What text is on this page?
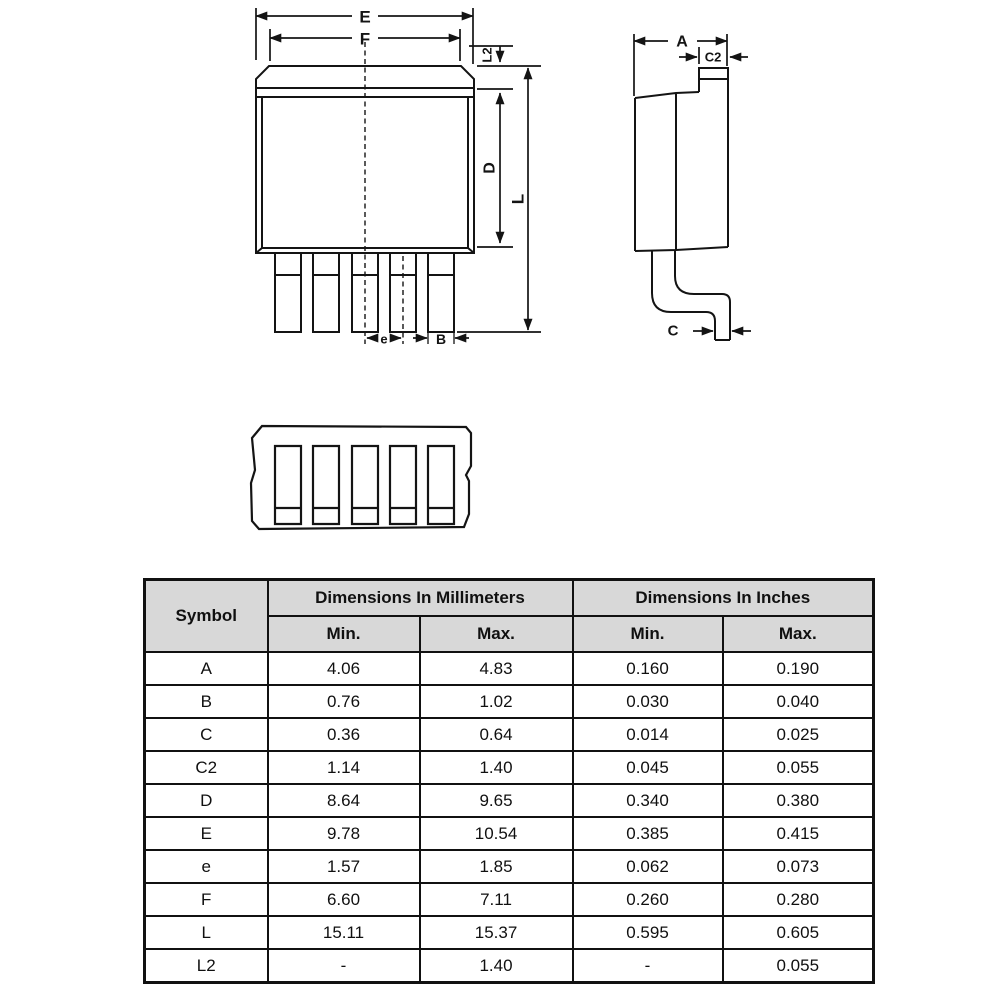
E
F
L2
D
L
e	B
A
C2
C
Symbol	Dimensions In Millimeters		Dimensions In Inches	
	Min.	Max.	Min.	Max.
A	4.06	4.83	0.160	0.190
B	0.76	1.02	0.030	0.040
C	0.36	0.64	0.014	0.025
C2	1.14	1.40	0.045	0.055
D	8.64	9.65	0.340	0.380
E	9.78	10.54	0.385	0.415
e	1.57	1.85	0.062	0.073
F	6.60	7.11	0.260	0.280
L	15.11	15.37	0.595	0.605
L2	-	1.40	-	0.055
